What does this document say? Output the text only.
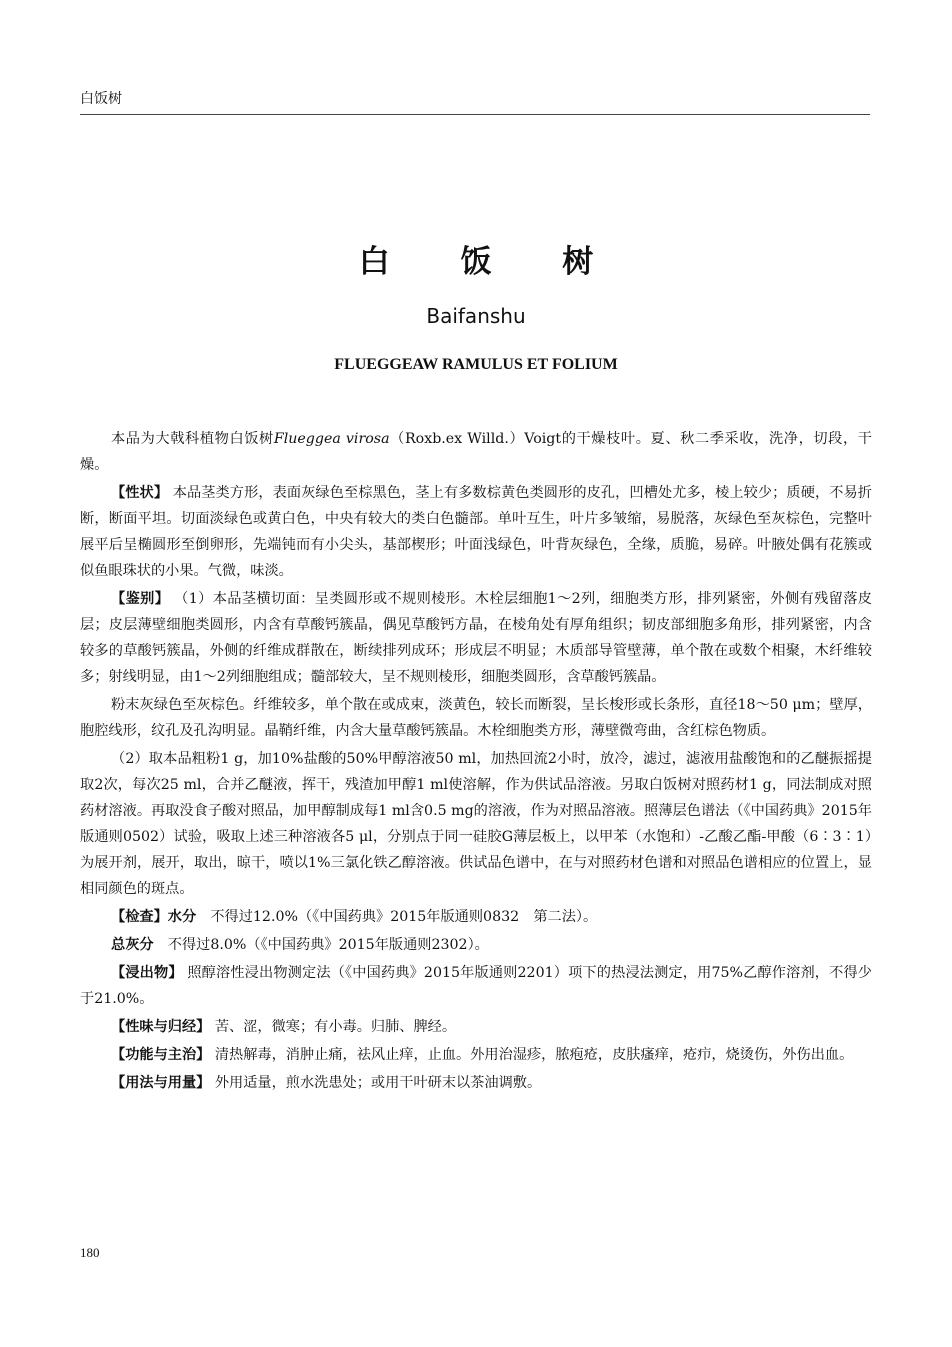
白饭树
白 饭 树
Baifanshu
FLUEGGEAW RAMULUS ET FOLIUM

本品为大戟科植物白饭树Flueggea virosa（Roxb.ex Willd.）Voigt的干燥枝叶。夏、秋二季采收，洗净，切段，干燥。

【性状】 本品茎类方形，表面灰绿色至棕黑色，茎上有多数棕黄色类圆形的皮孔，凹槽处尤多，棱上较少；质硬，不易折断，断面平坦。切面淡绿色或黄白色，中央有较大的类白色髓部。单叶互生，叶片多皱缩，易脱落，灰绿色至灰棕色，完整叶展平后呈椭圆形至倒卵形，先端钝而有小尖头，基部楔形；叶面浅绿色，叶背灰绿色，全缘，质脆，易碎。叶腋处偶有花簇或似鱼眼珠状的小果。气微，味淡。

【鉴别】 （1）本品茎横切面：呈类圆形或不规则棱形。木栓层细胞1～2列，细胞类方形，排列紧密，外侧有残留落皮层；皮层薄壁细胞类圆形，内含有草酸钙簇晶，偶见草酸钙方晶，在棱角处有厚角组织；韧皮部细胞多角形，排列紧密，内含较多的草酸钙簇晶，外侧的纤维成群散在，断续排列成环；形成层不明显；木质部导管壁薄，单个散在或数个相聚，木纤维较多；射线明显，由1～2列细胞组成；髓部较大，呈不规则棱形，细胞类圆形，含草酸钙簇晶。

粉末灰绿色至灰棕色。纤维较多，单个散在或成束，淡黄色，较长而断裂，呈长梭形或长条形，直径18～50 μm；壁厚，胞腔线形，纹孔及孔沟明显。晶鞘纤维，内含大量草酸钙簇晶。木栓细胞类方形，薄壁微弯曲，含红棕色物质。

（2）取本品粗粉1 g，加10%盐酸的50%甲醇溶液50 ml，加热回流2小时，放冷，滤过，滤液用盐酸饱和的乙醚振摇提取2次，每次25 ml，合并乙醚液，挥干，残渣加甲醇1 ml使溶解，作为供试品溶液。另取白饭树对照药材1 g，同法制成对照药材溶液。再取没食子酸对照品，加甲醇制成每1 ml含0.5 mg的溶液，作为对照品溶液。照薄层色谱法（《中国药典》2015年版通则0502）试验，吸取上述三种溶液各5 μl，分别点于同一硅胶G薄层板上，以甲苯（水饱和）-乙酸乙酯-甲酸（6∶3∶1）为展开剂，展开，取出，晾干，喷以1%三氯化铁乙醇溶液。供试品色谱中，在与对照药材色谱和对照品色谱相应的位置上，显相同颜色的斑点。

【检查】水分　 不得过12.0%（《中国药典》2015年版通则0832　第二法）。

总灰分　 不得过8.0%（《中国药典》2015年版通则2302）。

【浸出物】 照醇溶性浸出物测定法（《中国药典》2015年版通则2201）项下的热浸法测定，用75%乙醇作溶剂，不得少于21.0%。

【性味与归经】 苦、涩，微寒；有小毒。归肺、脾经。

【功能与主治】 清热解毒，消肿止痛，祛风止痒，止血。外用治湿疹，脓疱疮，皮肤瘙痒，疮疖，烧烫伤，外伤出血。

【用法与用量】 外用适量，煎水洗患处；或用干叶研末以茶油调敷。

180
